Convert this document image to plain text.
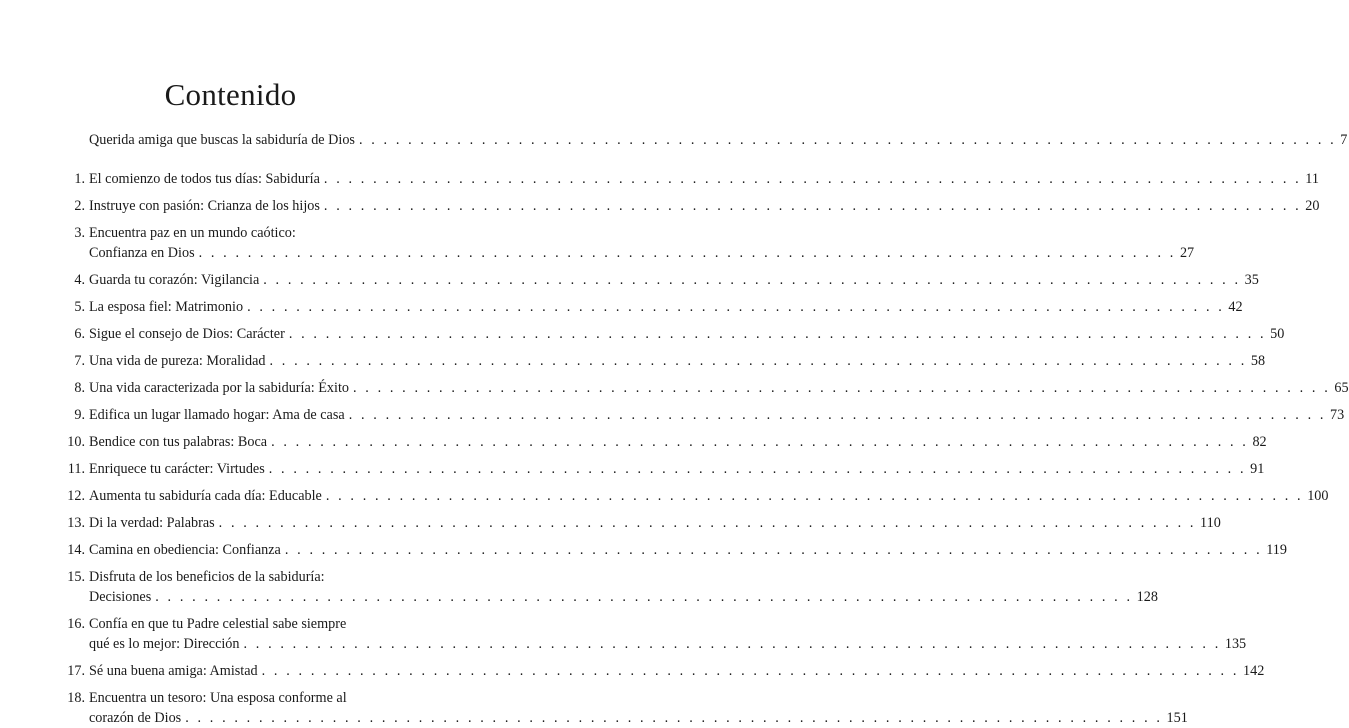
Contenido
Querida amiga que buscas la sabiduría de Dios . . . . . . . . . . . . . . . . . . . . . . . . . . . . . . . . . . . . . . . . . . . . . . . . . . . . . . . . . . . . . . . . . . . . . . . . . . . . . . . . 7
1. El comienzo de todos tus días: Sabiduría . . . . . . . . . . . . . . . . . . . . . . . . . . . . . . . . . . . . . . . . . . . . . . . . . . . . . . . . . . . . . . . . . . . . . . . . . . . . . . . . 11
2. Instruye con pasión: Crianza de los hijos . . . . . . . . . . . . . . . . . . . . . . . . . . . . . . . . . . . . . . . . . . . . . . . . . . . . . . . . . . . . . . . . . . . . . . . . . . . . . . . . 20
3. Encuentra paz en un mundo caótico:
Confianza en Dios . . . . . . . . . . . . . . . . . . . . . . . . . . . . . . . . . . . . . . . . . . . . . . . . . . . . . . . . . . . . . . . . . . . . . . . . . . . . . . . . 27
4. Guarda tu corazón: Vigilancia . . . . . . . . . . . . . . . . . . . . . . . . . . . . . . . . . . . . . . . . . . . . . . . . . . . . . . . . . . . . . . . . . . . . . . . . . . . . . . . . 35
5. La esposa fiel: Matrimonio . . . . . . . . . . . . . . . . . . . . . . . . . . . . . . . . . . . . . . . . . . . . . . . . . . . . . . . . . . . . . . . . . . . . . . . . . . . . . . . . 42
6. Sigue el consejo de Dios: Carácter . . . . . . . . . . . . . . . . . . . . . . . . . . . . . . . . . . . . . . . . . . . . . . . . . . . . . . . . . . . . . . . . . . . . . . . . . . . . . . . . 50
7. Una vida de pureza: Moralidad . . . . . . . . . . . . . . . . . . . . . . . . . . . . . . . . . . . . . . . . . . . . . . . . . . . . . . . . . . . . . . . . . . . . . . . . . . . . . . . . 58
8. Una vida caracterizada por la sabiduría: Éxito . . . . . . . . . . . . . . . . . . . . . . . . . . . . . . . . . . . . . . . . . . . . . . . . . . . . . . . . . . . . . . . . . . . . . . . . . . . . . . . . 65
9. Edifica un lugar llamado hogar: Ama de casa . . . . . . . . . . . . . . . . . . . . . . . . . . . . . . . . . . . . . . . . . . . . . . . . . . . . . . . . . . . . . . . . . . . . . . . . . . . . . . . . 73
10. Bendice con tus palabras: Boca . . . . . . . . . . . . . . . . . . . . . . . . . . . . . . . . . . . . . . . . . . . . . . . . . . . . . . . . . . . . . . . . . . . . . . . . . . . . . . . . 82
11. Enriquece tu carácter: Virtudes . . . . . . . . . . . . . . . . . . . . . . . . . . . . . . . . . . . . . . . . . . . . . . . . . . . . . . . . . . . . . . . . . . . . . . . . . . . . . . . . 91
12. Aumenta tu sabiduría cada día: Educable . . . . . . . . . . . . . . . . . . . . . . . . . . . . . . . . . . . . . . . . . . . . . . . . . . . . . . . . . . . . . . . . . . . . . . . . . . . . . . . . 100
13. Di la verdad: Palabras . . . . . . . . . . . . . . . . . . . . . . . . . . . . . . . . . . . . . . . . . . . . . . . . . . . . . . . . . . . . . . . . . . . . . . . . . . . . . . . . 110
14. Camina en obediencia: Confianza . . . . . . . . . . . . . . . . . . . . . . . . . . . . . . . . . . . . . . . . . . . . . . . . . . . . . . . . . . . . . . . . . . . . . . . . . . . . . . . . 119
15. Disfruta de los beneficios de la sabiduría:
Decisiones . . . . . . . . . . . . . . . . . . . . . . . . . . . . . . . . . . . . . . . . . . . . . . . . . . . . . . . . . . . . . . . . . . . . . . . . . . . . . . . . 128
16. Confía en que tu Padre celestial sabe siempre
qué es lo mejor: Dirección . . . . . . . . . . . . . . . . . . . . . . . . . . . . . . . . . . . . . . . . . . . . . . . . . . . . . . . . . . . . . . . . . . . . . . . . . . . . . . . . 135
17. Sé una buena amiga: Amistad . . . . . . . . . . . . . . . . . . . . . . . . . . . . . . . . . . . . . . . . . . . . . . . . . . . . . . . . . . . . . . . . . . . . . . . . . . . . . . . . 142
18. Encuentra un tesoro: Una esposa conforme al
corazón de Dios . . . . . . . . . . . . . . . . . . . . . . . . . . . . . . . . . . . . . . . . . . . . . . . . . . . . . . . . . . . . . . . . . . . . . . . . . . . . . . . . 151
